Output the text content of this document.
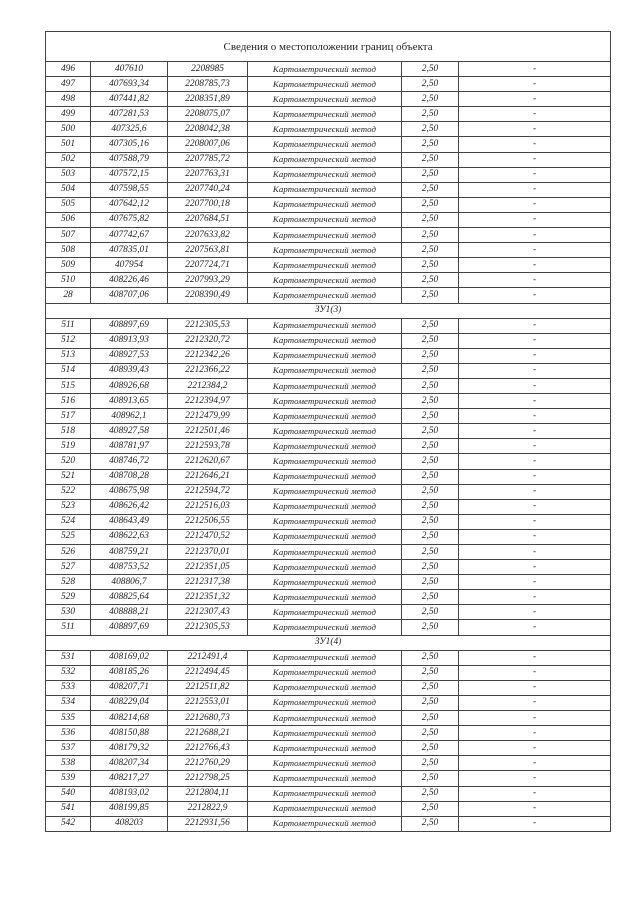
Сведения о местоположении границ объекта					
496	407610	2208985	Картометрический метод	2,50	-
497	407693,34	2208785,73	Картометрический метод	2,50	-
498	407441,82	2208351,89	Картометрический метод	2,50	-
499	407281,53	2208075,07	Картометрический метод	2,50	-
500	407325,6	2208042,38	Картометрический метод	2,50	-
501	407305,16	2208007,06	Картометрический метод	2,50	-
502	407588,79	2207785,72	Картометрический метод	2,50	-
503	407572,15	2207763,31	Картометрический метод	2,50	-
504	407598,55	2207740,24	Картометрический метод	2,50	-
505	407642,12	2207700,18	Картометрический метод	2,50	-
506	407675,82	2207684,51	Картометрический метод	2,50	-
507	407742,67	2207633,82	Картометрический метод	2,50	-
508	407835,01	2207563,81	Картометрический метод	2,50	-
509	407954	2207724,71	Картометрический метод	2,50	-
510	408226,46	2207993,29	Картометрический метод	2,50	-
28	408707,06	2208390,49	Картометрический метод	2,50	-
ЗУ1(3)					
511	408897,69	2212305,53	Картометрический метод	2,50	-
512	408913,93	2212320,72	Картометрический метод	2,50	-
513	408927,53	2212342,26	Картометрический метод	2,50	-
514	408939,43	2212366,22	Картометрический метод	2,50	-
515	408926,68	2212384,2	Картометрический метод	2,50	-
516	408913,65	2212394,97	Картометрический метод	2,50	-
517	408962,1	2212479,99	Картометрический метод	2,50	-
518	408927,58	2212501,46	Картометрический метод	2,50	-
519	408781,97	2212593,78	Картометрический метод	2,50	-
520	408746,72	2212620,67	Картометрический метод	2,50	-
521	408708,28	2212646,21	Картометрический метод	2,50	-
522	408675,98	2212594,72	Картометрический метод	2,50	-
523	408626,42	2212516,03	Картометрический метод	2,50	-
524	408643,49	2212506,55	Картометрический метод	2,50	-
525	408622,63	2212470,52	Картометрический метод	2,50	-
526	408759,21	2212370,01	Картометрический метод	2,50	-
527	408753,52	2212351,05	Картометрический метод	2,50	-
528	408806,7	2212317,38	Картометрический метод	2,50	-
529	408825,64	2212351,32	Картометрический метод	2,50	-
530	408888,21	2212307,43	Картометрический метод	2,50	-
511	408897,69	2212305,53	Картометрический метод	2,50	-
ЗУ1(4)					
531	408169,02	2212491,4	Картометрический метод	2,50	-
532	408185,26	2212494,45	Картометрический метод	2,50	-
533	408207,71	2212511,82	Картометрический метод	2,50	-
534	408229,04	2212553,01	Картометрический метод	2,50	-
535	408214,68	2212680,73	Картометрический метод	2,50	-
536	408150,88	2212688,21	Картометрический метод	2,50	-
537	408179,32	2212766,43	Картометрический метод	2,50	-
538	408207,34	2212760,29	Картометрический метод	2,50	-
539	408217,27	2212798,25	Картометрический метод	2,50	-
540	408193,02	2212804,11	Картометрический метод	2,50	-
541	408199,85	2212822,9	Картометрический метод	2,50	-
542	408203	2212931,56	Картометрический метод	2,50	-
